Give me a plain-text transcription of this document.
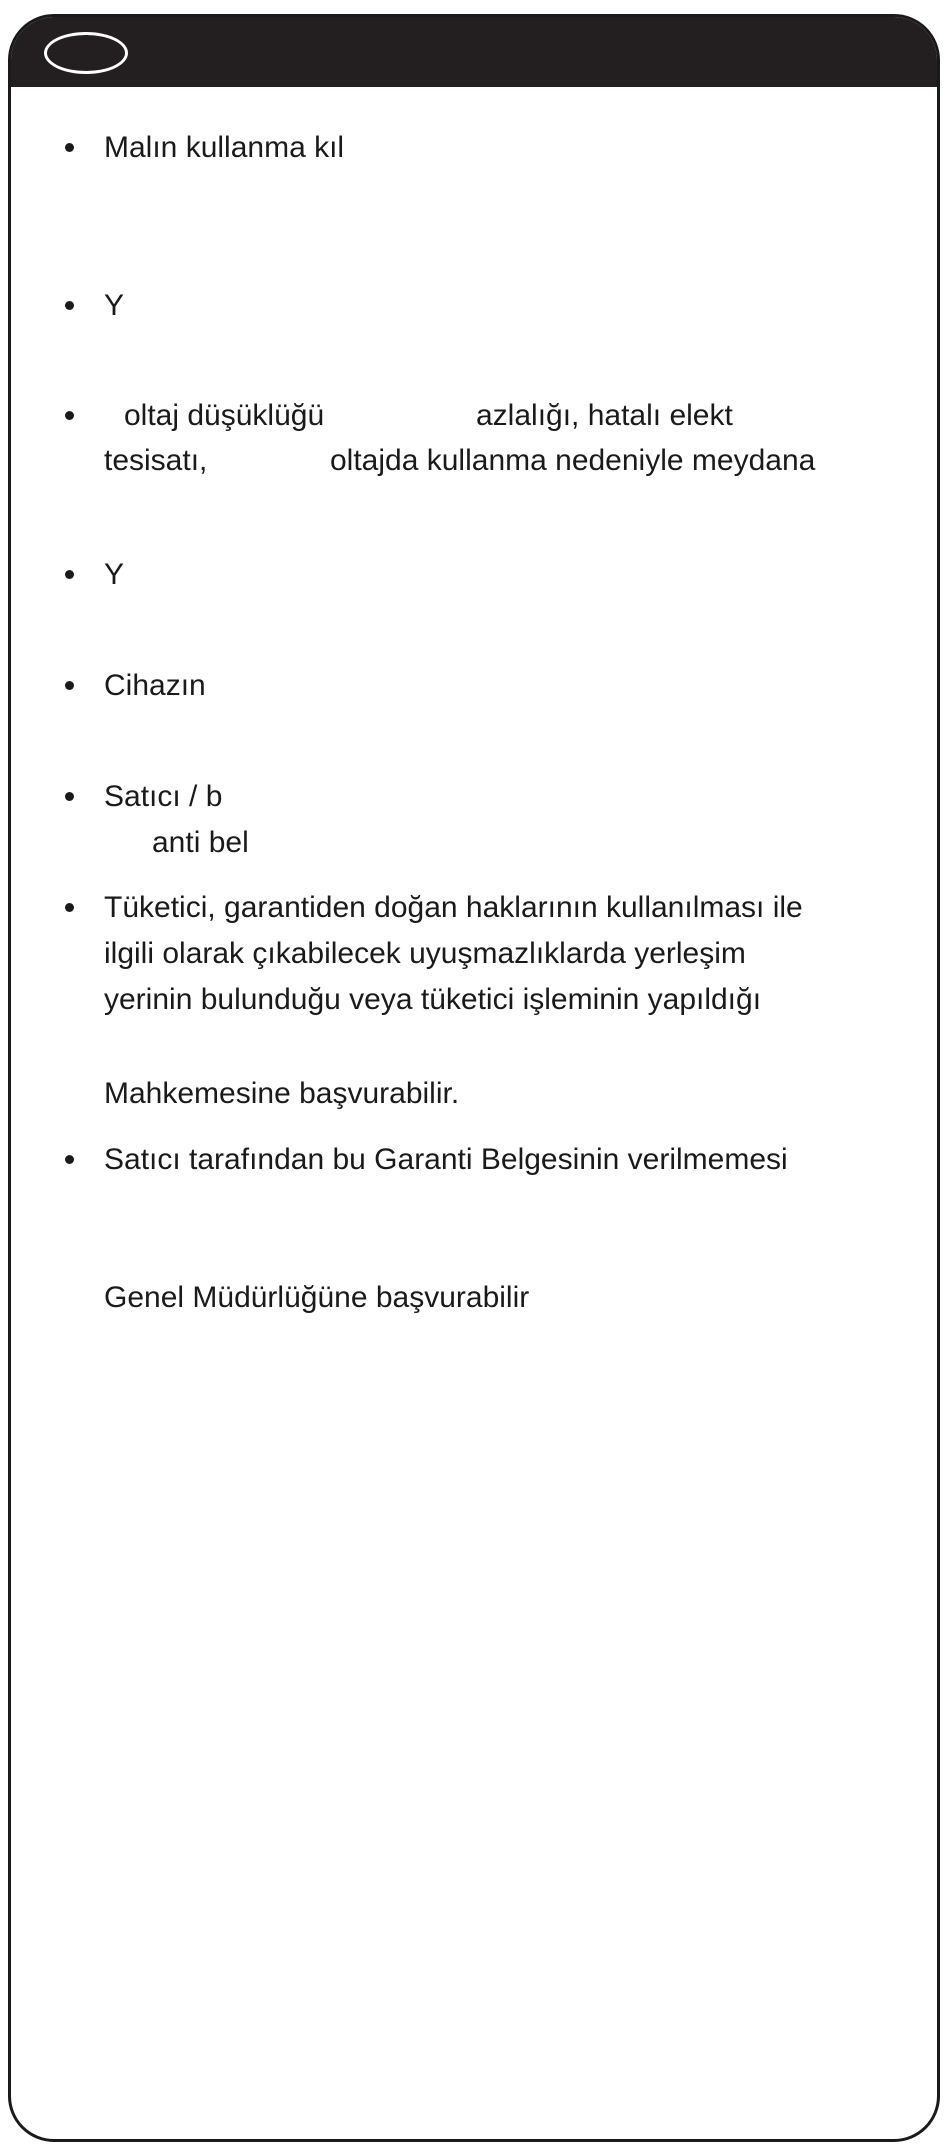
Malın kullanma kıl

Y

oltaj düşüklüğü	azlalığı, hatalı elekt

tesisatı,	oltajda kullanma nedeniyle meydana

Y

Cihazın

Satıcı / b

anti bel

Tüketici, garantiden doğan haklarının kullanılması ile

ilgili olarak çıkabilecek uyuşmazlıklarda yerleşim

yerinin bulunduğu veya tüketici işleminin yapıldığı

Mahkemesine başvurabilir.

Satıcı tarafından bu Garanti Belgesinin verilmemesi

Genel Müdürlüğüne başvurabilir
